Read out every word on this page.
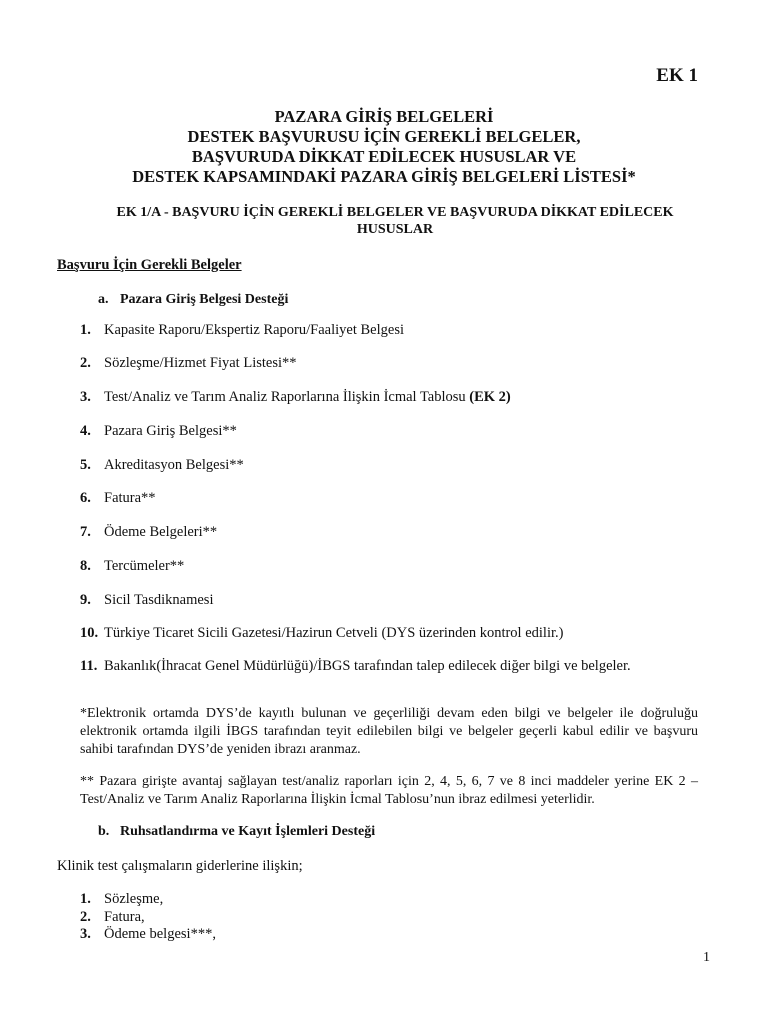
EK 1
PAZARA GİRİŞ BELGELERİ
DESTEK BAŞVURUSU İÇİN GEREKLİ BELGELER,
BAŞVURUDA DİKKAT EDİLECEK HUSUSLAR VE
DESTEK KAPSAMINDAKİ PAZARA GİRİŞ BELGELERİ LİSTESİ*
EK 1/A - BAŞVURU İÇİN GEREKLİ BELGELER VE BAŞVURUDA DİKKAT EDİLECEK HUSUSLAR
Başvuru İçin Gerekli Belgeler
a. Pazara Giriş Belgesi Desteği
1. Kapasite Raporu/Ekspertiz Raporu/Faaliyet Belgesi
2. Sözleşme/Hizmet Fiyat Listesi**
3. Test/Analiz ve Tarım Analiz Raporlarına İlişkin İcmal Tablosu (EK 2)
4. Pazara Giriş Belgesi**
5. Akreditasyon Belgesi**
6. Fatura**
7. Ödeme Belgeleri**
8. Tercümeler**
9. Sicil Tasdiknamesi
10. Türkiye Ticaret Sicili Gazetesi/Hazirun Cetveli (DYS üzerinden kontrol edilir.)
11. Bakanlık(İhracat Genel Müdürlüğü)/İBGS tarafından talep edilecek diğer bilgi ve belgeler.
*Elektronik ortamda DYS’de kayıtlı bulunan ve geçerliliği devam eden bilgi ve belgeler ile doğruluğu elektronik ortamda ilgili İBGS tarafından teyit edilebilen bilgi ve belgeler geçerli kabul edilir ve başvuru sahibi tarafından DYS’de yeniden ibrazı aranmaz.
** Pazara girişte avantaj sağlayan test/analiz raporları için 2, 4, 5, 6, 7 ve 8 inci maddeler yerine EK 2 – Test/Analiz ve Tarım Analiz Raporlarına İlişkin İcmal Tablosu’nun ibraz edilmesi yeterlidir.
b. Ruhsatlandırma ve Kayıt İşlemleri Desteği
Klinik test çalışmaların giderlerine ilişkin;
1. Sözleşme,
2. Fatura,
3. Ödeme belgesi***,
1
